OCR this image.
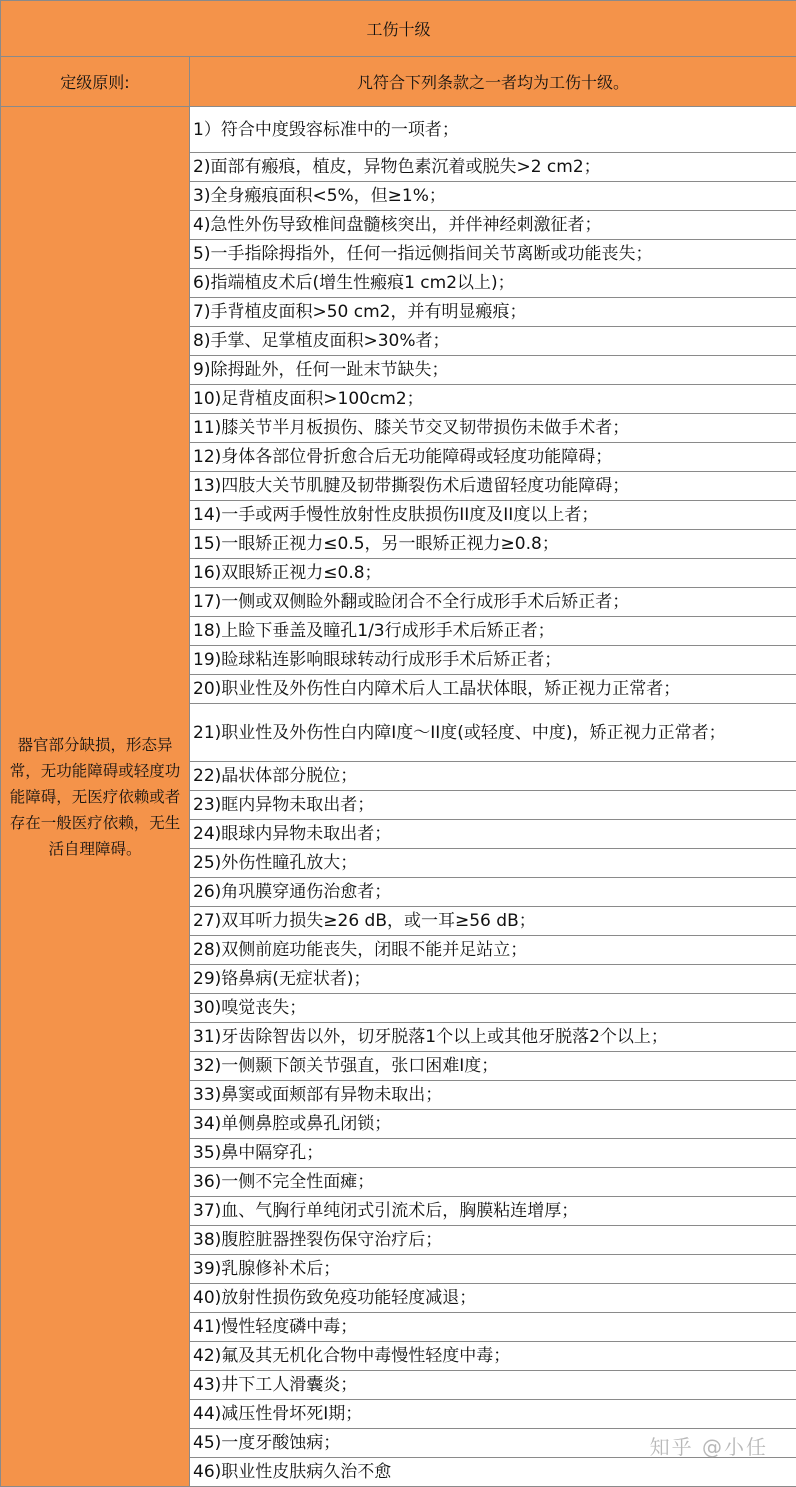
工伤十级	
定级原则:	凡符合下列条款之一者均为工伤十级。
器官部分缺损，形态异常，无功能障碍或轻度功能障碍，无医疗依赖或者存在一般医疗依赖，无生活自理障碍。	1）符合中度毁容标准中的一项者；
	2)面部有瘢痕，植皮，异物色素沉着或脱失>2 cm2；
	3)全身瘢痕面积<5%，但≥1%；
	4)急性外伤导致椎间盘髓核突出，并伴神经刺激征者；
	5)一手指除拇指外，任何一指远侧指间关节离断或功能丧失；
	6)指端植皮术后(增生性瘢痕1 cm2以上)；
	7)手背植皮面积>50 cm2，并有明显瘢痕；
	8)手掌、足掌植皮面积>30%者；
	9)除拇趾外，任何一趾末节缺失；
	10)足背植皮面积>100cm2；
	11)膝关节半月板损伤、膝关节交叉韧带损伤未做手术者；
	12)身体各部位骨折愈合后无功能障碍或轻度功能障碍；
	13)四肢大关节肌腱及韧带撕裂伤术后遗留轻度功能障碍；
	14)一手或两手慢性放射性皮肤损伤II度及II度以上者；
	15)一眼矫正视力≤0.5，另一眼矫正视力≥0.8；
	16)双眼矫正视力≤0.8；
	17)一侧或双侧睑外翻或睑闭合不全行成形手术后矫正者；
	18)上睑下垂盖及瞳孔1/3行成形手术后矫正者；
	19)睑球粘连影响眼球转动行成形手术后矫正者；
	20)职业性及外伤性白内障术后人工晶状体眼，矫正视力正常者；
	21)职业性及外伤性白内障I度～II度(或轻度、中度)，矫正视力正常者；
	22)晶状体部分脱位；
	23)眶内异物未取出者；
	24)眼球内异物未取出者；
	25)外伤性瞳孔放大；
	26)角巩膜穿通伤治愈者；
	27)双耳听力损失≥26 dB，或一耳≥56 dB；
	28)双侧前庭功能丧失，闭眼不能并足站立；
	29)铬鼻病(无症状者)；
	30)嗅觉丧失；
	31)牙齿除智齿以外，切牙脱落1个以上或其他牙脱落2个以上；
	32)一侧颞下颌关节强直，张口困难I度；
	33)鼻窦或面颊部有异物未取出；
	34)单侧鼻腔或鼻孔闭锁；
	35)鼻中隔穿孔；
	36)一侧不完全性面瘫；
	37)血、气胸行单纯闭式引流术后，胸膜粘连增厚；
	38)腹腔脏器挫裂伤保守治疗后；
	39)乳腺修补术后；
	40)放射性损伤致免疫功能轻度减退；
	41)慢性轻度磷中毒；
	42)氟及其无机化合物中毒慢性轻度中毒；
	43)井下工人滑囊炎；
	44)减压性骨坏死I期；
	45)一度牙酸蚀病；
	46)职业性皮肤病久治不愈
知乎 @小任
